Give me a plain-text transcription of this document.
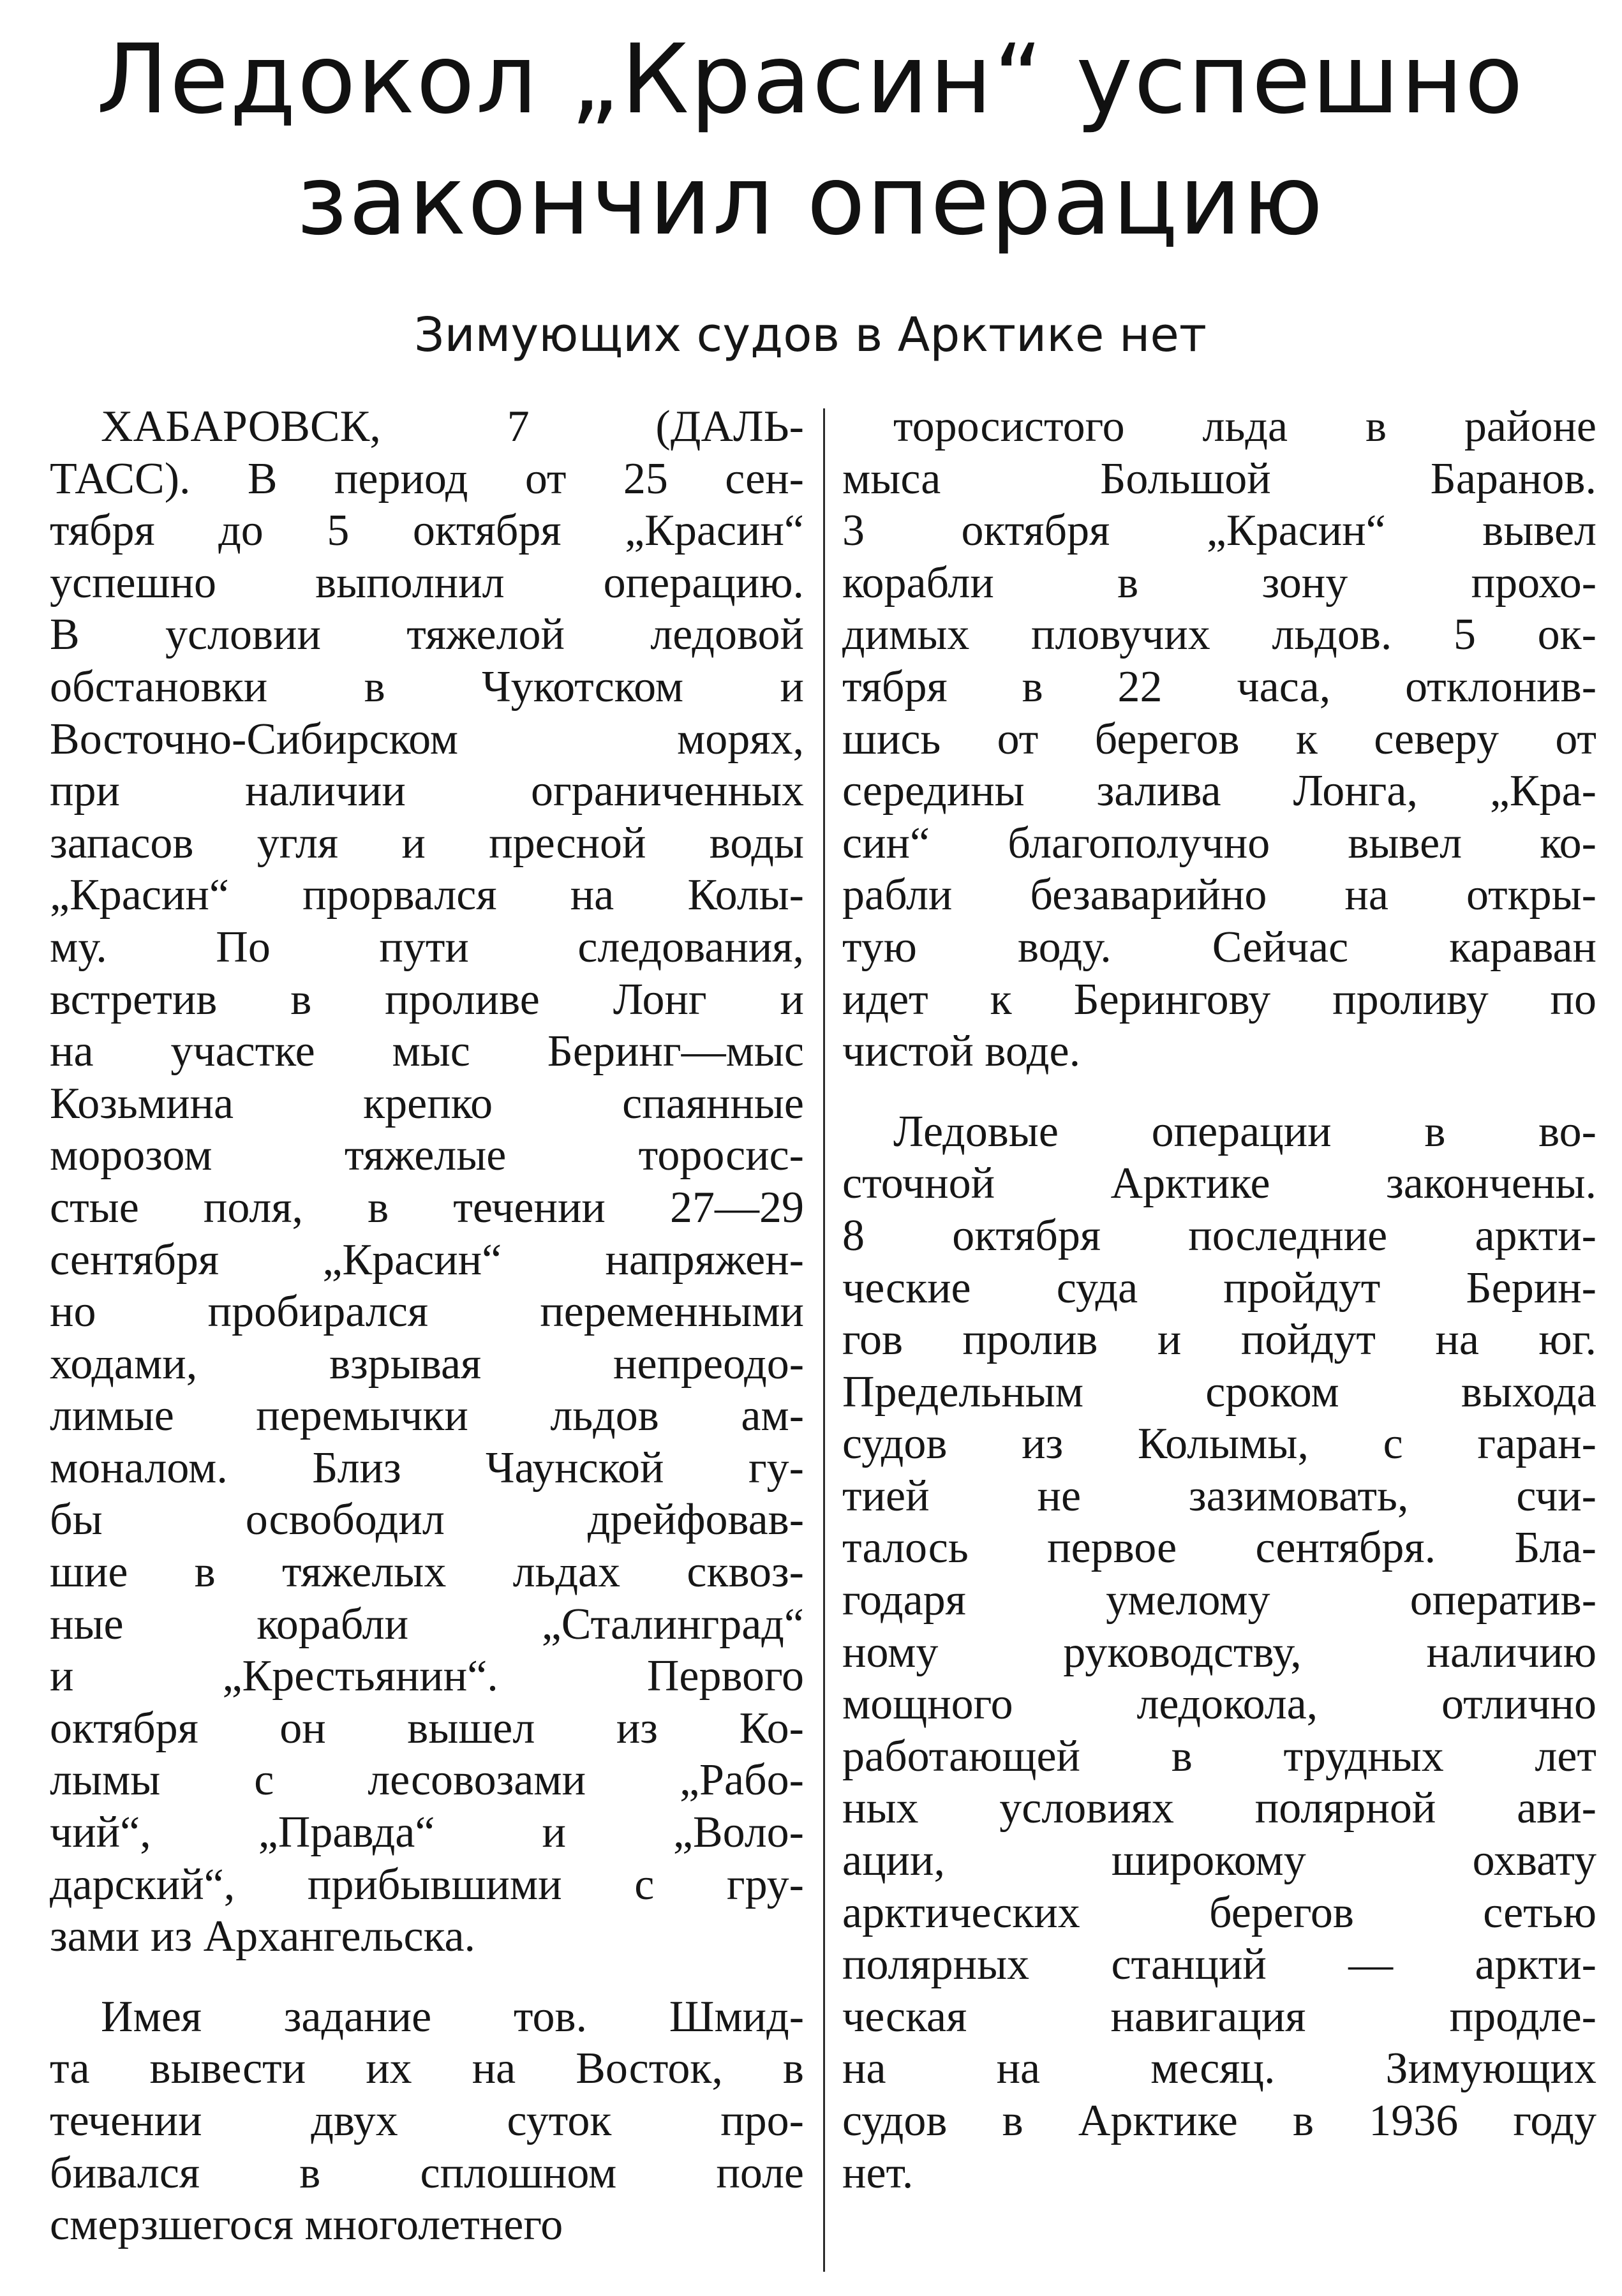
Ледокол „Красин“ успешно
закончил операцию
Зимующих судов в Арктике нет
ХАБАРОВСК, 7 (ДАЛЬ-
ТАСС). В период от 25 сен-
тября до 5 октября „Красин“
успешно выполнил операцию.
В условии тяжелой ледовой
обстановки в Чукотском и
Восточно-Сибирском морях,
при наличии ограниченных
запасов угля и пресной воды
„Красин“ прорвался на Колы-
му. По пути следования,
встретив в проливе Лонг и
на участке мыс Беринг—мыс
Козьмина крепко спаянные
морозом тяжелые торосис-
стые поля, в течении 27—29
сентября „Красин“ напряжен-
но пробирался переменными
ходами, взрывая непреодо-
лимые перемычки льдов ам-
моналом. Близ Чаунской гу-
бы освободил дрейфовав-
шие в тяжелых льдах сквоз-
ные корабли „Сталинград“
и „Крестьянин“. Первого
октября он вышел из Ко-
лымы с лесовозами „Рабо-
чий“, „Правда“ и „Воло-
дарский“, прибывшими с гру-
зами из Архангельска.
Имея задание тов. Шмид-
та вывести их на Восток, в
течении двух суток про-
бивался в сплошном поле
смерзшегося многолетнего
торосистого льда в районе
мыса Большой Баранов.
3 октября „Красин“ вывел
корабли в зону прохо-
димых пловучих льдов. 5 ок-
тября в 22 часа, отклонив-
шись от берегов к северу от
середины залива Лонга, „Кра-
син“ благополучно вывел ко-
рабли безаварийно на откры-
тую воду. Сейчас караван
идет к Берингову проливу по
чистой воде.
Ледовые операции в во-
сточной Арктике закончены.
8 октября последние аркти-
ческие суда пройдут Берин-
гов пролив и пойдут на юг.
Предельным сроком выхода
судов из Колымы, с гаран-
тией не зазимовать, счи-
талось первое сентября. Бла-
годаря умелому оператив-
ному руководству, наличию
мощного ледокола, отлично
работающей в трудных лет
ных условиях полярной ави-
ации, широкому охвату
арктических берегов сетью
полярных станций — аркти-
ческая навигация продле-
на на месяц. Зимующих
судов в Арктике в 1936 году
нет.
